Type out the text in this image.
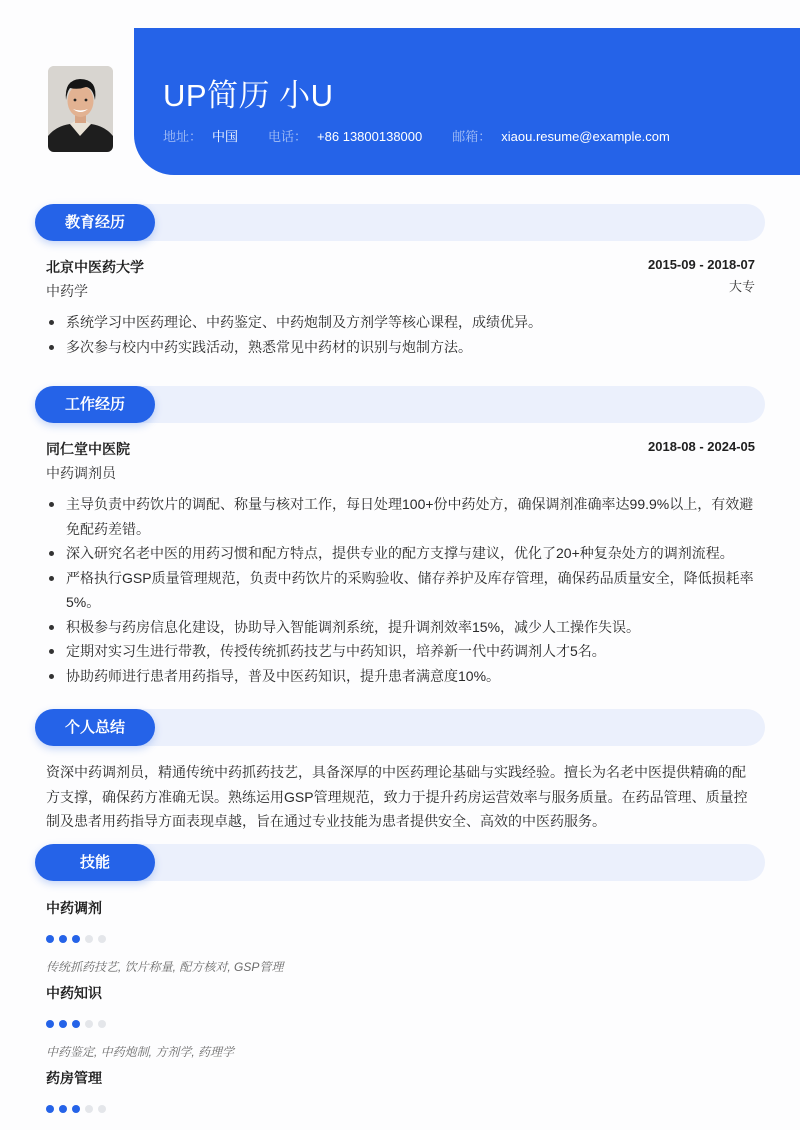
UP简历 小U
地址： 中国 电话： +86 13800138000 邮箱： xiaou.resume@example.com
教育经历
北京中医药大学	2015-09 - 2018-07
中药学	大专
系统学习中医药理论、中药鉴定、中药炮制及方剂学等核心课程，成绩优异。
多次参与校内中药实践活动，熟悉常见中药材的识别与炮制方法。
工作经历
同仁堂中医院	2018-08 - 2024-05
中药调剂员
主导负责中药饮片的调配、称量与核对工作，每日处理100+份中药处方，确保调剂准确率达99.9%以上，有效避免配药差错。
深入研究名老中医的用药习惯和配方特点，提供专业的配方支撑与建议，优化了20+种复杂处方的调剂流程。
严格执行GSP质量管理规范，负责中药饮片的采购验收、储存养护及库存管理，确保药品质量安全，降低损耗率5%。
积极参与药房信息化建设，协助导入智能调剂系统，提升调剂效率15%，减少人工操作失误。
定期对实习生进行带教，传授传统抓药技艺与中药知识，培养新一代中药调剂人才5名。
协助药师进行患者用药指导，普及中医药知识，提升患者满意度10%。
个人总结
资深中药调剂员，精通传统中药抓药技艺，具备深厚的中医药理论基础与实践经验。擅长为名老中医提供精确的配方支撑，确保药方准确无误。熟练运用GSP管理规范，致力于提升药房运营效率与服务质量。在药品管理、质量控制及患者用药指导方面表现卓越，旨在通过专业技能为患者提供安全、高效的中医药服务。
技能
中药调剂
传统抓药技艺, 饮片称量, 配方核对, GSP管理
中药知识
中药鉴定, 中药炮制, 方剂学, 药理学
药房管理
